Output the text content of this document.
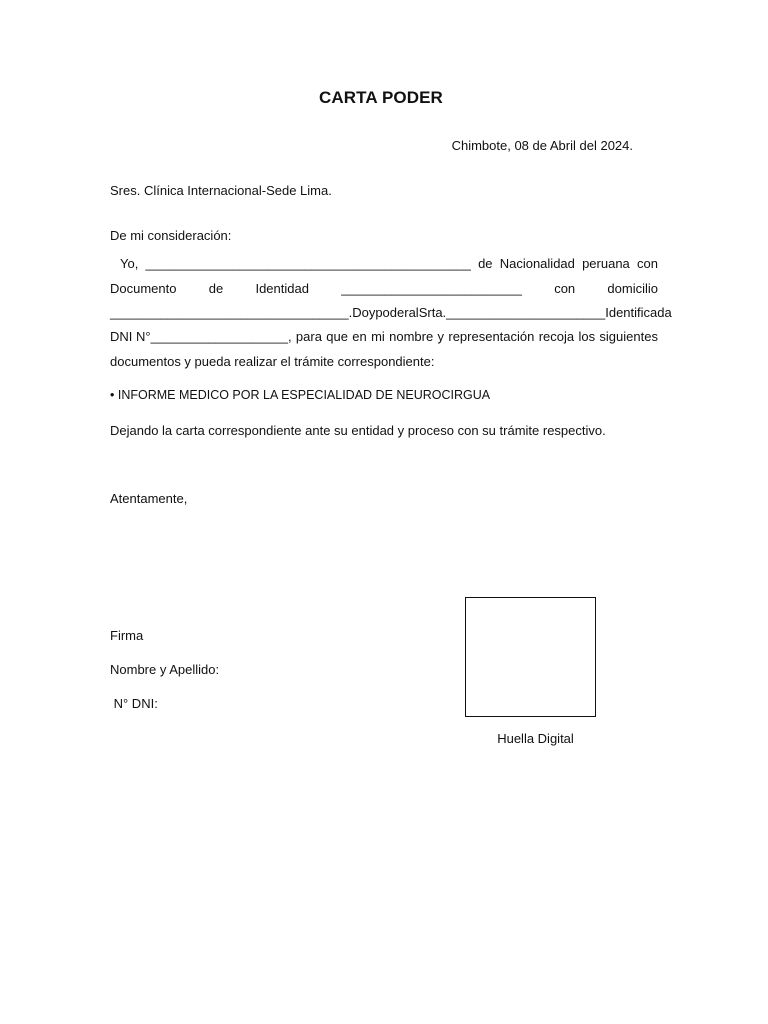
CARTA PODER
Chimbote, 08 de Abril del 2024.
Sres. Clínica Internacional-Sede Lima.
De mi consideración:
Yo, _____________________________________________ de Nacionalidad peruana con
Documento de Identidad _________________________ con domicilio
_________________________________. Doy poder al Srta. ______________________Identificada
DNI N°___________________, para que en mi nombre y representación recoja los siguientes
documentos y pueda realizar el trámite correspondiente:
• INFORME MEDICO POR LA ESPECIALIDAD DE NEUROCIRGUA
Dejando la carta correspondiente ante su entidad y proceso con su trámite respectivo.
Atentamente,
Firma
Nombre y Apellido:
N° DNI:
Huella Digital
